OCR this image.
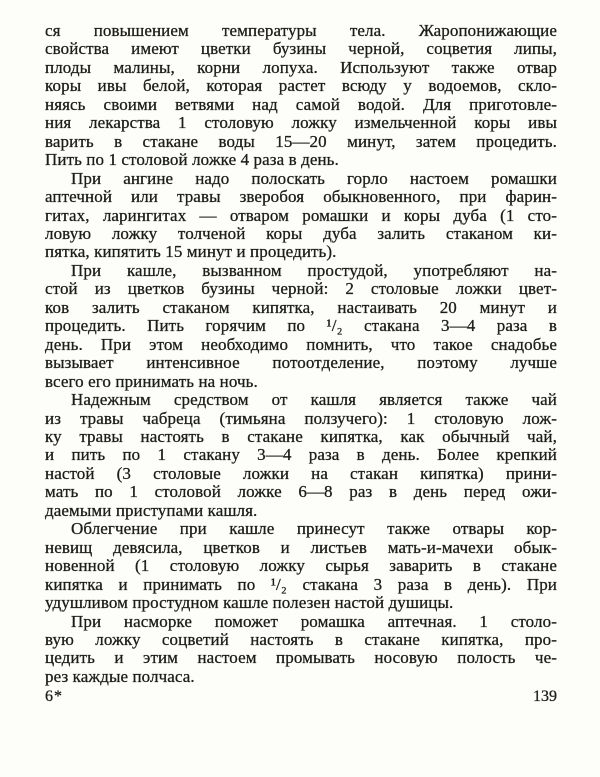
ся повышением температуры тела. Жаропонижающие
свойства имеют цветки бузины черной, соцветия липы,
плоды малины, корни лопуха. Используют также отвар
коры ивы белой, которая растет всюду у водоемов, скло-
няясь своими ветвями над самой водой. Для приготовле-
ния лекарства 1 столовую ложку измельченной коры ивы
варить в стакане воды 15—20 минут, затем процедить.
Пить по 1 столовой ложке 4 раза в день.
При ангине надо полоскать горло настоем ромашки
аптечной или травы зверобоя обыкновенного, при фарин-
гитах, ларингитах — отваром ромашки и коры дуба (1 сто-
ловую ложку толченой коры дуба залить стаканом ки-
пятка, кипятить 15 минут и процедить).
При кашле, вызванном простудой, употребляют на-
стой из цветков бузины черной: 2 столовые ложки цвет-
ков залить стаканом кипятка, настаивать 20 минут и
процедить. Пить горячим по ¹/₂ стакана 3—4 раза в
день. При этом необходимо помнить, что такое снадобье
вызывает интенсивное потоотделение, поэтому лучше
всего его принимать на ночь.
Надежным средством от кашля является также чай
из травы чабреца (тимьяна ползучего): 1 столовую лож-
ку травы настоять в стакане кипятка, как обычный чай,
и пить по 1 стакану 3—4 раза в день. Более крепкий
настой (3 столовые ложки на стакан кипятка) прини-
мать по 1 столовой ложке 6—8 раз в день перед ожи-
даемыми приступами кашля.
Облегчение при кашле принесут также отвары кор-
невищ девясила, цветков и листьев мать-и-мачехи обык-
новенной (1 столовую ложку сырья заварить в стакане
кипятка и принимать по ¹/₂ стакана 3 раза в день). При
удушливом простудном кашле полезен настой душицы.
При насморке поможет ромашка аптечная. 1 столо-
вую ложку соцветий настоять в стакане кипятка, про-
цедить и этим настоем промывать носовую полость че-
рез каждые полчаса.
6*	139
